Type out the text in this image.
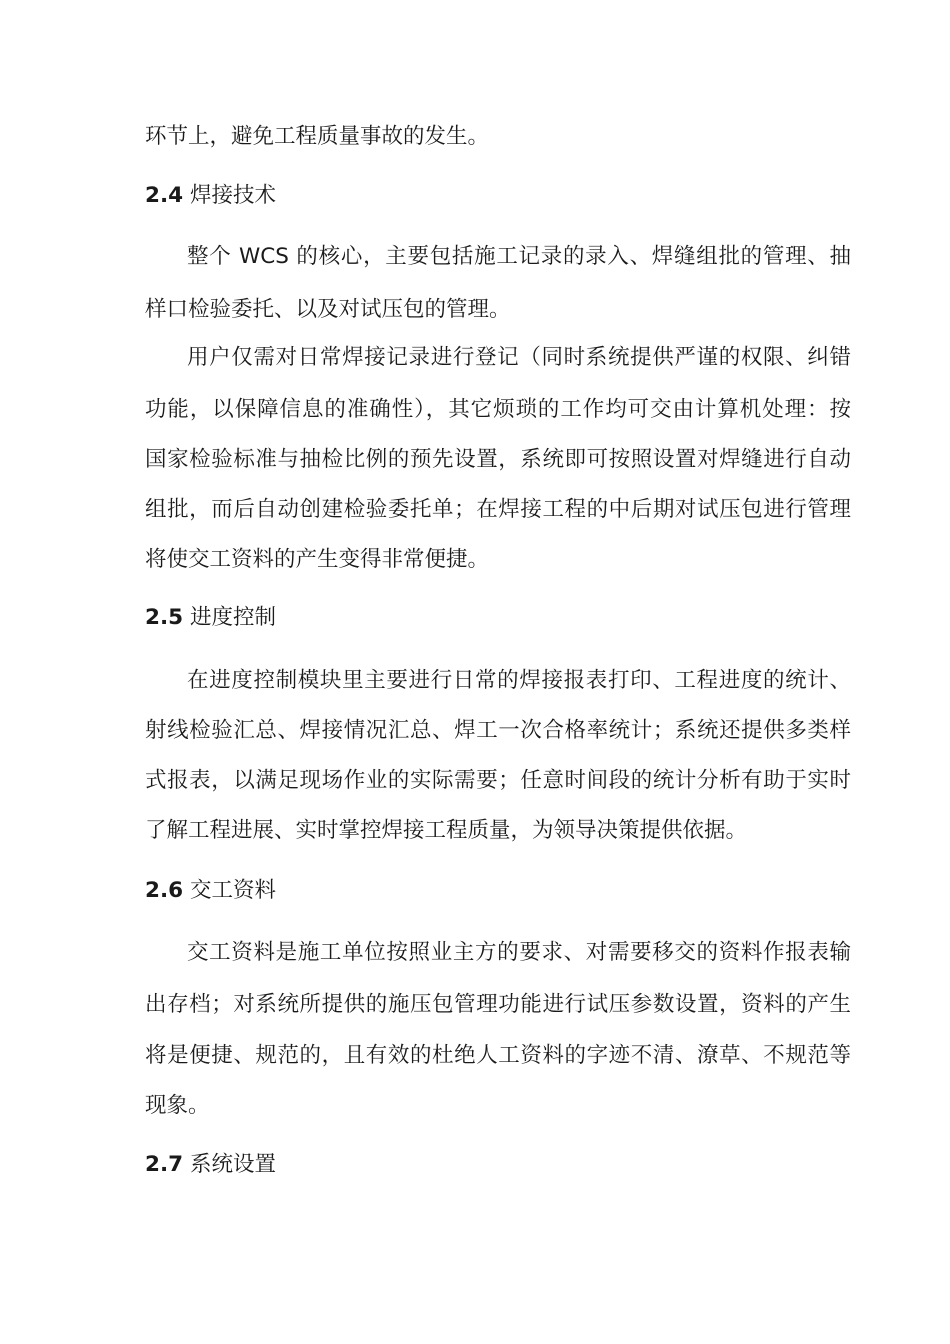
环节上，避免工程质量事故的发生。
2.4 焊接技术
整个 WCS 的核心，主要包括施工记录的录入、焊缝组批的管理、抽
样口检验委托、以及对试压包的管理。
用户仅需对日常焊接记录进行登记（同时系统提供严谨的权限、纠错
功能，以保障信息的准确性），其它烦琐的工作均可交由计算机处理：按
国家检验标准与抽检比例的预先设置，系统即可按照设置对焊缝进行自动
组批，而后自动创建检验委托单；在焊接工程的中后期对试压包进行管理
将使交工资料的产生变得非常便捷。
2.5 进度控制
在进度控制模块里主要进行日常的焊接报表打印、工程进度的统计、
射线检验汇总、焊接情况汇总、焊工一次合格率统计；系统还提供多类样
式报表，以满足现场作业的实际需要；任意时间段的统计分析有助于实时
了解工程进展、实时掌控焊接工程质量，为领导决策提供依据。
2.6 交工资料
交工资料是施工单位按照业主方的要求、对需要移交的资料作报表输
出存档；对系统所提供的施压包管理功能进行试压参数设置，资料的产生
将是便捷、规范的，且有效的杜绝人工资料的字迹不清、潦草、不规范等
现象。
2.7 系统设置
